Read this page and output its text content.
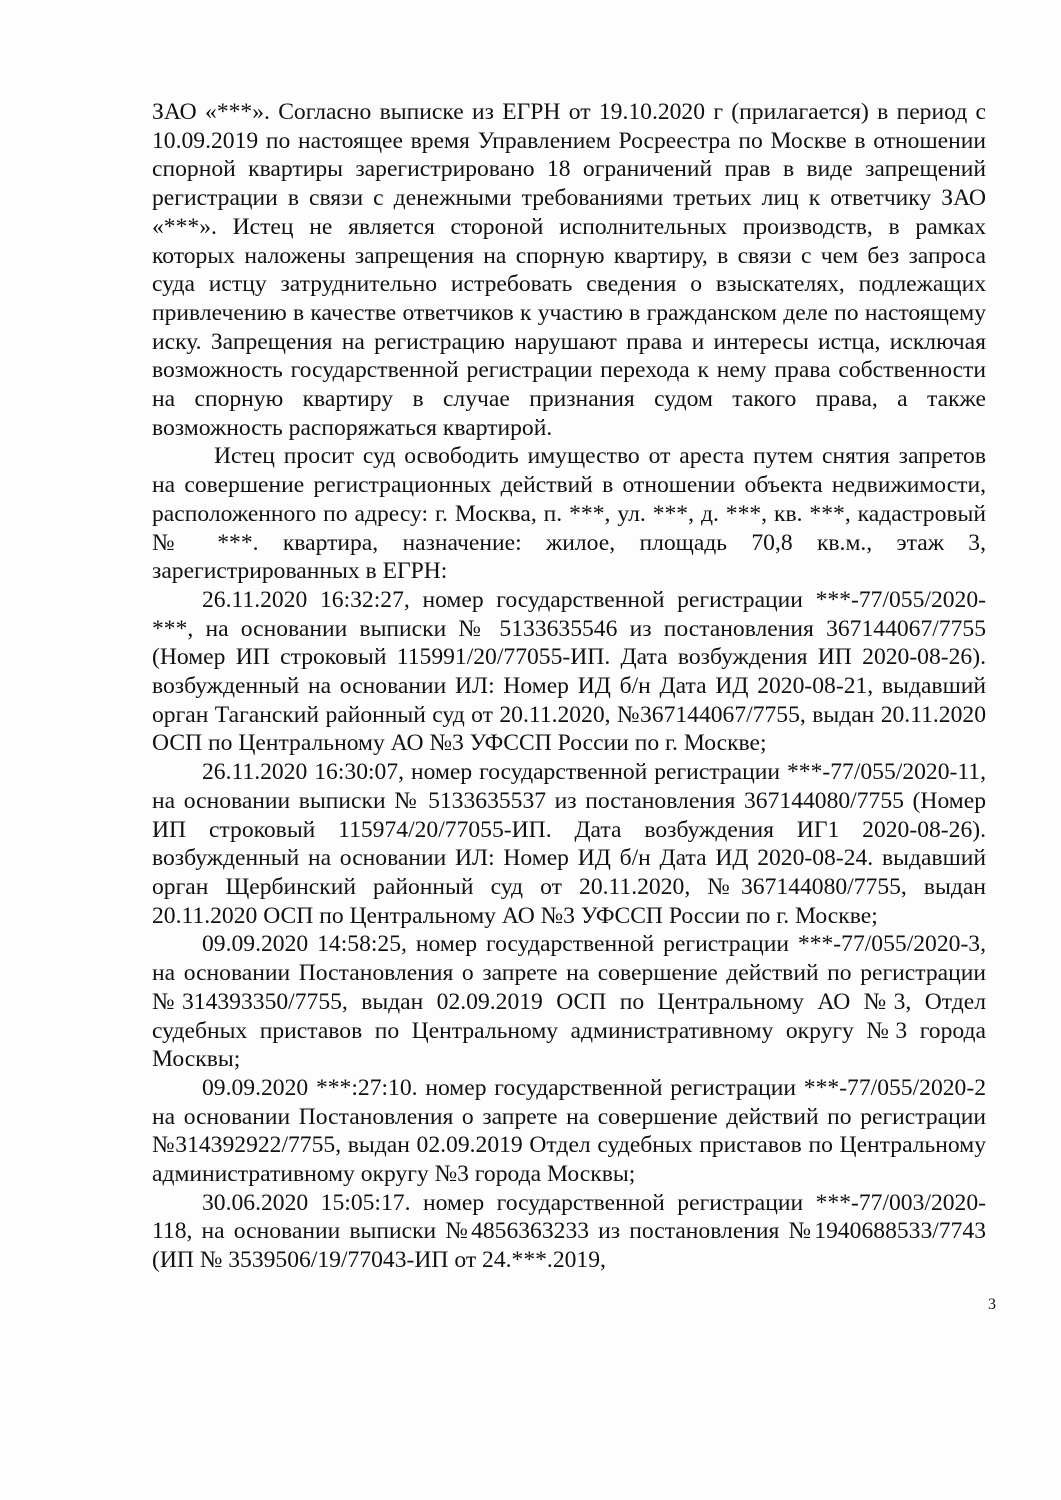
ЗАО «***». Согласно выписке из ЕГРН от 19.10.2020 г (прилагается) в период с 10.09.2019 по настоящее время Управлением Росреестра по Москве в отношении спорной квартиры зарегистрировано 18 ограничений прав в виде запрещений регистрации в связи с денежными требованиями третьих лиц к ответчику ЗАО «***». Истец не является стороной исполнительных производств, в рамках которых наложены запрещения на спорную квартиру, в связи с чем без запроса суда истцу затруднительно истребовать сведения о взыскателях, подлежащих привлечению в качестве ответчиков к участию в гражданском деле по настоящему иску. Запрещения на регистрацию нарушают права и интересы истца, исключая возможность государственной регистрации перехода к нему права собственности на спорную квартиру в случае признания судом такого права, а также возможность распоряжаться квартирой.

Истец просит суд освободить имущество от ареста путем снятия запретов на совершение регистрационных действий в отношении объекта недвижимости, расположенного по адресу: г. Москва, п. ***, ул. ***, д. ***, кв. ***, кадастровый № ***. квартира, назначение: жилое, площадь 70,8 кв.м., этаж 3, зарегистрированных в ЕГРН:

26.11.2020 16:32:27, номер государственной регистрации ***-77/055/2020-***, на основании выписки № 5133635546 из постановления 367144067/7755 (Номер ИП строковый 115991/20/77055-ИП. Дата возбуждения ИП 2020-08-26). возбужденный на основании ИЛ: Номер ИД б/н Дата ИД 2020-08-21, выдавший орган Таганский районный суд от 20.11.2020, №367144067/7755, выдан 20.11.2020 ОСП по Центральному АО №3 УФССП России по г. Москве;

26.11.2020 16:30:07, номер государственной регистрации ***-77/055/2020-11, на основании выписки № 5133635537 из постановления 367144080/7755 (Номер ИП строковый 115974/20/77055-ИП. Дата возбуждения ИГ1 2020-08-26). возбужденный на основании ИЛ: Номер ИД б/н Дата ИД 2020-08-24. выдавший орган Щербинский районный суд от 20.11.2020, №367144080/7755, выдан 20.11.2020 ОСП по Центральному АО №3 УФССП России по г. Москве;

09.09.2020 14:58:25, номер государственной регистрации ***-77/055/2020-3, на основании Постановления о запрете на совершение действий по регистрации №314393350/7755, выдан 02.09.2019 ОСП по Центральному АО №3, Отдел судебных приставов по Центральному административному округу №3 города Москвы;

09.09.2020 ***:27:10. номер государственной регистрации ***-77/055/2020-2 на основании Постановления о запрете на совершение действий по регистрации №314392922/7755, выдан 02.09.2019 Отдел судебных приставов по Центральному административному округу №3 города Москвы;

30.06.2020 15:05:17. номер государственной регистрации ***-77/003/2020-118, на основании выписки №4856363233 из постановления №1940688533/7743 (ИП № 3539506/19/77043-ИП от 24.***.2019,

3
